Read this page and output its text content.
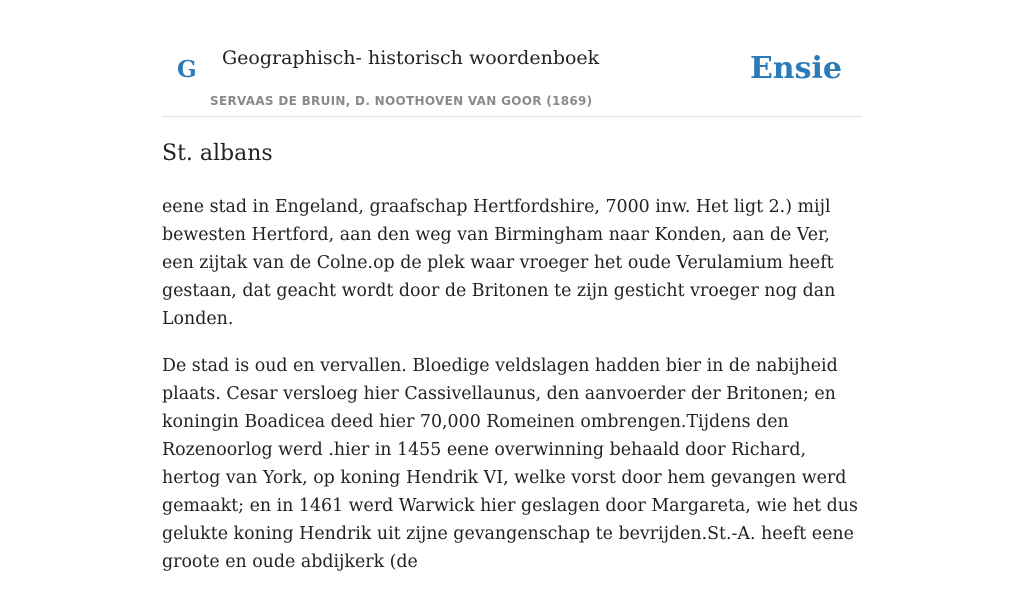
G Geographisch- historisch woordenboek
SERVAAS DE BRUIN, D. NOOTHOVEN VAN GOOR (1869)
Ensie
St. albans

eene stad in Engeland, graafschap Hertfordshire, 7000 inw. Het ligt 2.) mijl bewesten Hertford, aan den weg van Birmingham naar Konden, aan de Ver, een zijtak van de Colne.op de plek waar vroeger het oude Verulamium heeft gestaan, dat geacht wordt door de Britonen te zijn gesticht vroeger nog dan Londen.

De stad is oud en vervallen. Bloedige veldslagen hadden bier in de nabijheid plaats. Cesar versloeg hier Cassivellaunus, den aanvoerder der Britonen; en koningin Boadicea deed hier 70,000 Romeinen ombrengen.Tijdens den Rozenoorlog werd .hier in 1455 eene overwinning behaald door Richard, hertog van York, op koning Hendrik VI, welke vorst door hem gevangen werd gemaakt; en in 1461 werd Warwick hier geslagen door Margareta, wie het dus gelukte koning Hendrik uit zijne gevangenschap te bevrijden.St.-A. heeft eene groote en oude abdijkerk (de
